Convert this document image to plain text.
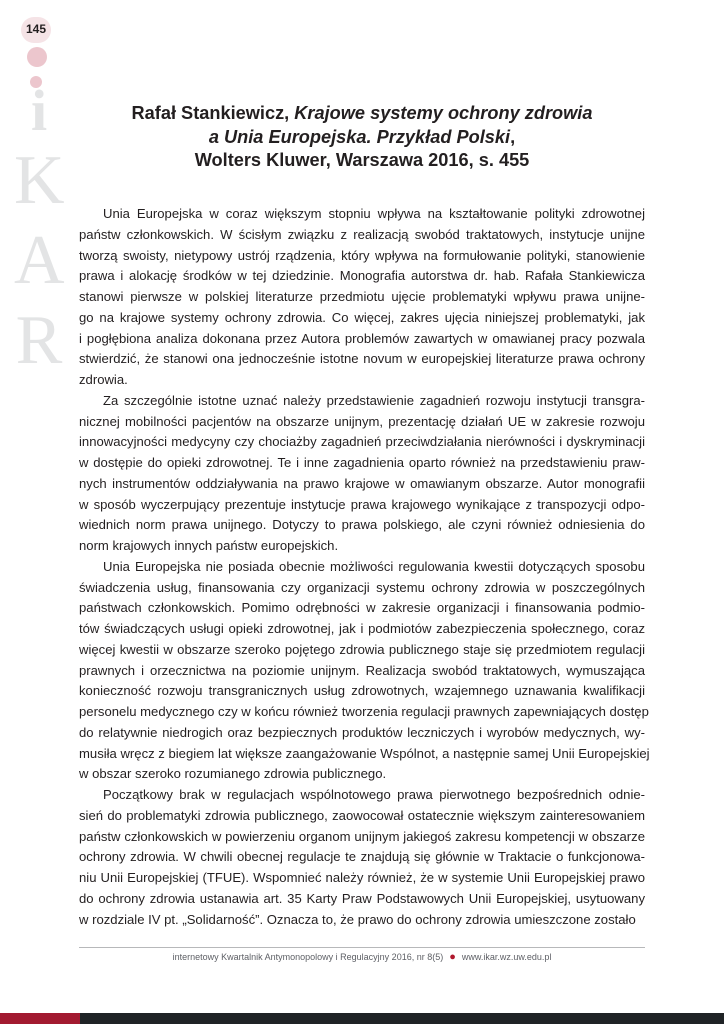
145
i
K
A
R
Rafał Stankiewicz, Krajowe systemy ochrony zdrowia
a Unia Europejska. Przykład Polski,
Wolters Kluwer, Warszawa 2016, s. 455
Unia Europejska w coraz większym stopniu wpływa na kształtowanie polityki zdrowotnej
państw członkowskich. W ścisłym związku z realizacją swobód traktatowych, instytucje unijne
tworzą swoisty, nietypowy ustrój rządzenia, który wpływa na formułowanie polityki, stanowienie
prawa i alokację środków w tej dziedzinie. Monografia autorstwa dr. hab. Rafała Stankiewicza
stanowi pierwsze w polskiej literaturze przedmiotu ujęcie problematyki wpływu prawa unijne-
go na krajowe systemy ochrony zdrowia. Co więcej, zakres ujęcia niniejszej problematyki, jak
i pogłębiona analiza dokonana przez Autora problemów zawartych w omawianej pracy pozwala
stwierdzić, że stanowi ona jednocześnie istotne novum w europejskiej literaturze prawa ochrony
zdrowia.
Za szczególnie istotne uznać należy przedstawienie zagadnień rozwoju instytucji transgra-
nicznej mobilności pacjentów na obszarze unijnym, prezentację działań UE w zakresie rozwoju
innowacyjności medycyny czy chociażby zagadnień przeciwdziałania nierówności i dyskryminacji
w dostępie do opieki zdrowotnej. Te i inne zagadnienia oparto również na przedstawieniu praw-
nych instrumentów oddziaływania na prawo krajowe w omawianym obszarze. Autor monografii
w sposób wyczerpujący prezentuje instytucje prawa krajowego wynikające z transpozycji odpo-
wiednich norm prawa unijnego. Dotyczy to prawa polskiego, ale czyni również odniesienia do
norm krajowych innych państw europejskich.
Unia Europejska nie posiada obecnie możliwości regulowania kwestii dotyczących sposobu
świadczenia usług, finansowania czy organizacji systemu ochrony zdrowia w poszczególnych
państwach członkowskich. Pomimo odrębności w zakresie organizacji i finansowania podmio-
tów świadczących usługi opieki zdrowotnej, jak i podmiotów zabezpieczenia społecznego, coraz
więcej kwestii w obszarze szeroko pojętego zdrowia publicznego staje się przedmiotem regulacji
prawnych i orzecznictwa na poziomie unijnym. Realizacja swobód traktatowych, wymuszająca
konieczność rozwoju transgranicznych usług zdrowotnych, wzajemnego uznawania kwalifikacji
personelu medycznego czy w końcu również tworzenia regulacji prawnych zapewniających dostęp
do relatywnie niedrogich oraz bezpiecznych produktów leczniczych i wyrobów medycznych, wy-
musiła wręcz z biegiem lat większe zaangażowanie Wspólnot, a następnie samej Unii Europejskiej
w obszar szeroko rozumianego zdrowia publicznego.
Początkowy brak w regulacjach wspólnotowego prawa pierwotnego bezpośrednich odnie-
sień do problematyki zdrowia publicznego, zaowocował ostatecznie większym zainteresowaniem
państw członkowskich w powierzeniu organom unijnym jakiegoś zakresu kompetencji w obszarze
ochrony zdrowia. W chwili obecnej regulacje te znajdują się głównie w Traktacie o funkcjonowa-
niu Unii Europejskiej (TFUE). Wspomnieć należy również, że w systemie Unii Europejskiej prawo
do ochrony zdrowia ustanawia art. 35 Karty Praw Podstawowych Unii Europejskiej, usytuowany
w rozdziale IV pt. „Solidarność”. Oznacza to, że prawo do ochrony zdrowia umieszczone zostało
internetowy Kwartalnik Antymonopolowy i Regulacyjny 2016, nr 8(5) ● www.ikar.wz.uw.edu.pl
